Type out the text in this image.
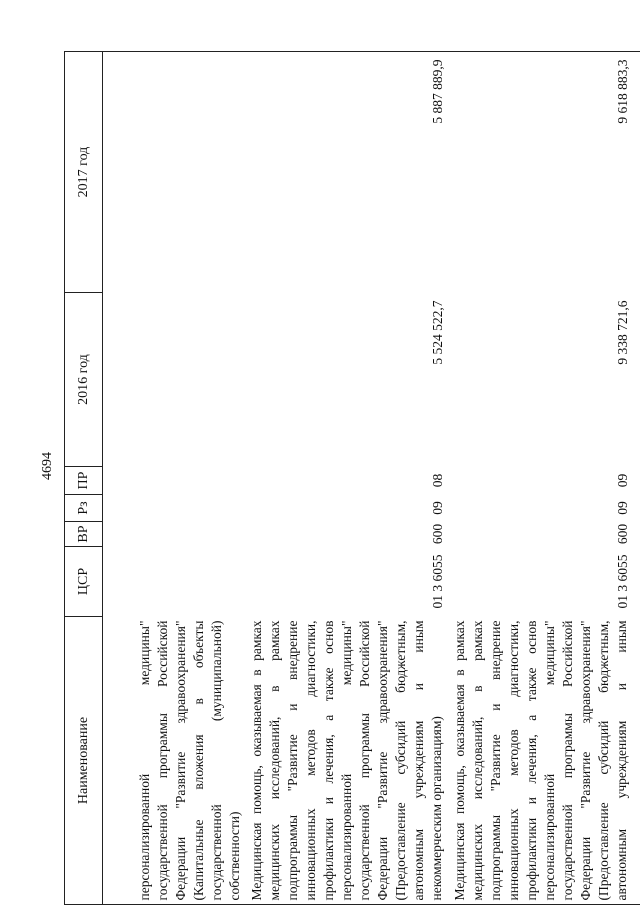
4694
Наименование	ЦСР	ВР	Рз	ПР	2016 год	2017 год

персонализированной медицины" государственной программы Российской Федерации "Развитие здравоохранения" (Капитальные вложения в объекты государственной (муниципальной) собственности)						

Медицинская помощь, оказываемая в рамках медицинских исследований, в рамках подпрограммы "Развитие и внедрение инновационных методов диагностики, профилактики и лечения, а также основ персонализированной медицины" государственной программы Российской Федерации "Развитие здравоохранения" (Предоставление субсидий бюджетным, автономным учреждениям и иным некоммерческим организациям)	01 3 6055	600	09	08	5 524 522,7	5 887 889,9

Медицинская помощь, оказываемая в рамках медицинских исследований, в рамках подпрограммы "Развитие и внедрение инновационных методов диагностики, профилактики и лечения, а также основ персонализированной медицины" государственной программы Российской Федерации "Развитие здравоохранения" (Предоставление субсидий бюджетным, автономным учреждениям и иным	01 3 6055	600	09	09	9 338 721,6	9 618 883,3
